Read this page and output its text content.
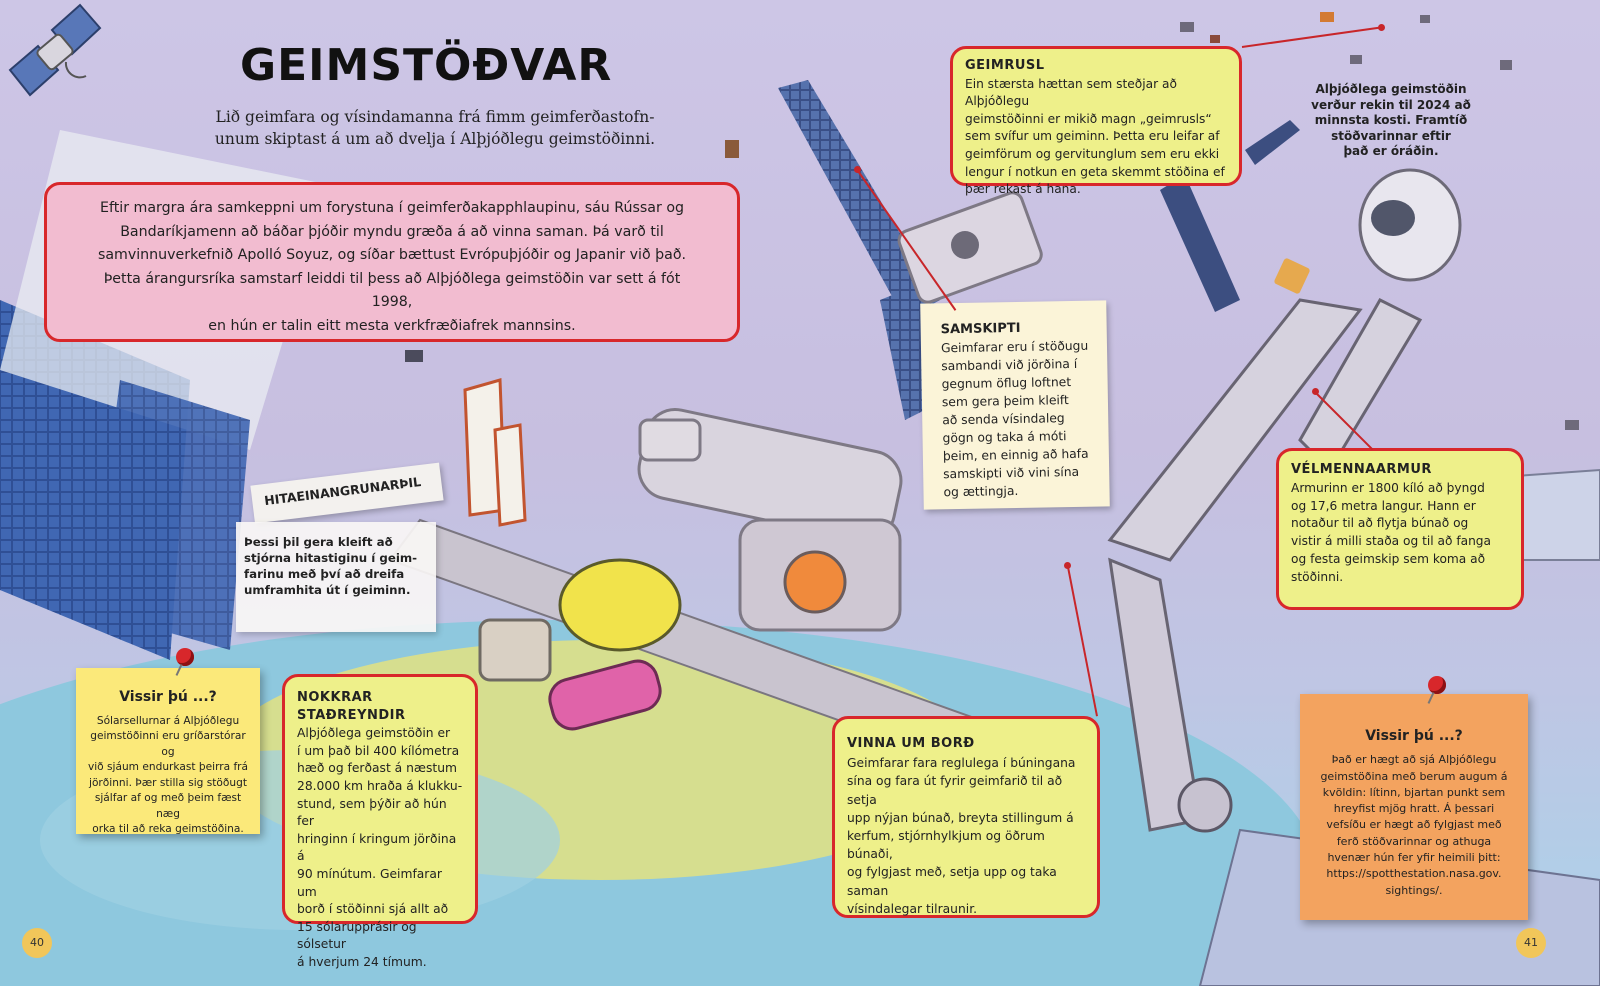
GEIMSTÖÐVAR
Lið geimfara og vísindamanna frá fimm geimferðastofn-
unum skiptast á um að dvelja í Alþjóðlegu geimstöðinni.
Eftir margra ára samkeppni um forystuna í geimferðakapphlaupinu, sáu Rússar og
Bandaríkjamenn að báðar þjóðir myndu græða á að vinna saman. Þá varð til
samvinnuverkefnið Apolló Soyuz, og síðar bættust Evrópuþjóðir og Japanir við það.
Þetta árangursríka samstarf leiddi til þess að Alþjóðlega geimstöðin var sett á fót 1998,
en hún er talin eitt mesta verkfræðiafrek mannsins.
GEIMRUSL
Ein stærsta hættan sem steðjar að Alþjóðlegu
geimstöðinni er mikið magn „geimrusls“
sem svífur um geiminn. Þetta eru leifar af
geimförum og gervitunglum sem eru ekki
lengur í notkun en geta skemmt stöðina ef
þær rekast á hana.
Alþjóðlega geimstöðin
verður rekin til 2024 að
minnsta kosti. Framtíð
stöðvarinnar eftir
það er óráðin.
SAMSKIPTI
Geimfarar eru í stöðugu
sambandi við jörðina í
gegnum öflug loftnet
sem gera þeim kleift
að senda vísindaleg
gögn og taka á móti
þeim, en einnig að hafa
samskipti við vini sína
og ættingja.
HITAEINANGRUNARÞIL
Þessi þil gera kleift að
stjórna hitastiginu í geim-
farinu með því að dreifa
umframhita út í geiminn.
VÉLMENNAARMUR
Armurinn er 1800 kíló að þyngd
og 17,6 metra langur. Hann er
notaður til að flytja búnað og
vistir á milli staða og til að fanga
og festa geimskip sem koma að
stöðinni.
Vissir þú ...?
Sólarsellurnar á Alþjóðlegu
geimstöðinni eru gríðarstórar og
við sjáum endurkast þeirra frá
jörðinni. Þær stilla sig stöðugt
sjálfar af og með þeim fæst næg
orka til að reka geimstöðina.
NOKKRAR STAÐREYNDIR
Alþjóðlega geimstöðin er
í um það bil 400 kílómetra
hæð og ferðast á næstum
28.000 km hraða á klukku-
stund, sem þýðir að hún fer
hringinn í kringum jörðina á
90 mínútum. Geimfarar um
borð í stöðinni sjá allt að
15 sólarupprásir og sólsetur
á hverjum 24 tímum.
VINNA UM BORÐ
Geimfarar fara reglulega í búningana
sína og fara út fyrir geimfarið til að setja
upp nýjan búnað, breyta stillingum á
kerfum, stjórnhylkjum og öðrum búnaði,
og fylgjast með, setja upp og taka saman
vísindalegar tilraunir.
Vissir þú ...?
Það er hægt að sjá Alþjóðlegu
geimstöðina með berum augum á
kvöldin: lítinn, bjartan punkt sem
hreyfist mjög hratt. Á þessari
vefsíðu er hægt að fylgjast með
ferð stöðvarinnar og athuga
hvenær hún fer yfir heimili þitt:
https://spotthestation.nasa.gov.
sightings/.
40	41
